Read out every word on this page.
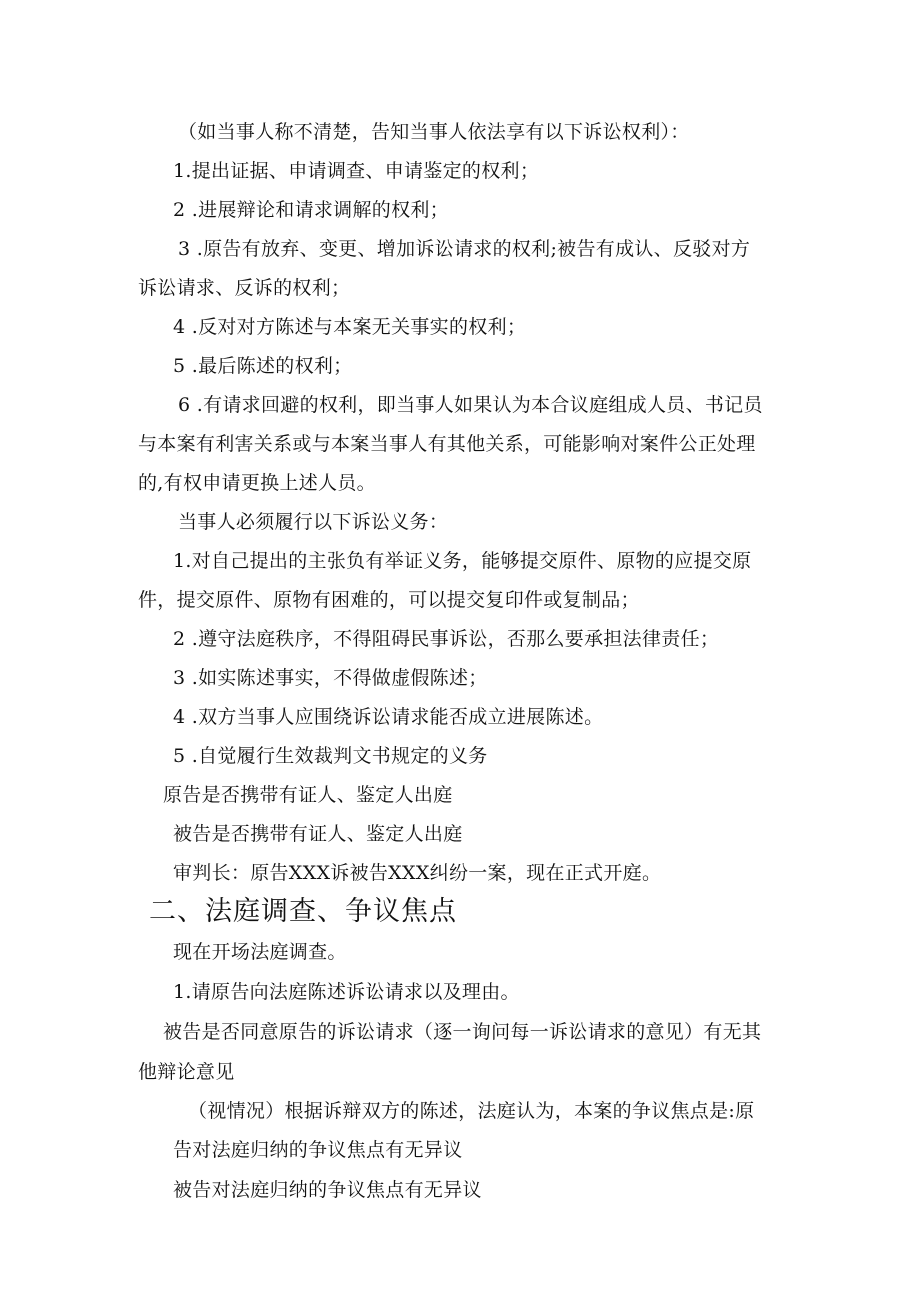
（如当事人称不清楚，告知当事人依法享有以下诉讼权利）：
1.提出证据、申请调查、申请鉴定的权利；
2 .进展辩论和请求调解的权利；
3 .原告有放弃、变更、增加诉讼请求的权利;被告有成认、反驳对方
诉讼请求、反诉的权利；
4 .反对对方陈述与本案无关事实的权利；
5 .最后陈述的权利；
6 .有请求回避的权利，即当事人如果认为本合议庭组成人员、书记员
与本案有利害关系或与本案当事人有其他关系，可能影响对案件公正处理
的,有权申请更换上述人员。
当事人必须履行以下诉讼义务：
1.对自己提出的主张负有举证义务，能够提交原件、原物的应提交原
件，提交原件、原物有困难的，可以提交复印件或复制品；
2 .遵守法庭秩序，不得阻碍民事诉讼，否那么要承担法律责任；
3 .如实陈述事实，不得做虚假陈述；
4 .双方当事人应围绕诉讼请求能否成立进展陈述。
5 .自觉履行生效裁判文书规定的义务
原告是否携带有证人、鉴定人出庭
被告是否携带有证人、鉴定人出庭
审判长：原告XXX诉被告XXX纠纷一案，现在正式开庭。
二、法庭调查、争议焦点
现在开场法庭调查。
1.请原告向法庭陈述诉讼请求以及理由。
被告是否同意原告的诉讼请求（逐一询问每一诉讼请求的意见）有无其
他辩论意见
（视情况）根据诉辩双方的陈述，法庭认为，本案的争议焦点是:原
告对法庭归纳的争议焦点有无异议
被告对法庭归纳的争议焦点有无异议
